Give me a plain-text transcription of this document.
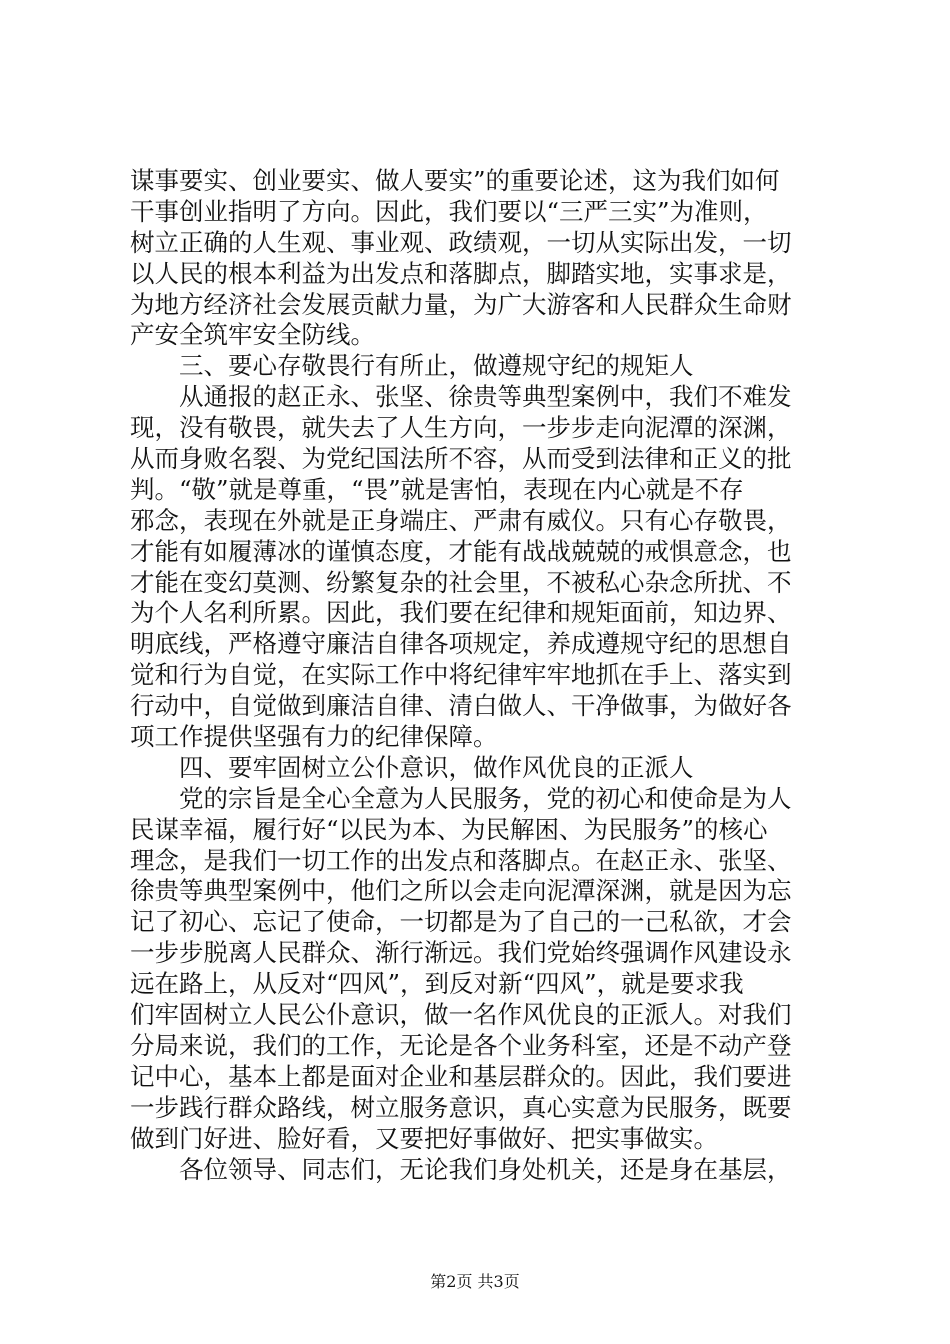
谋事要实、创业要实、做人要实”的重要论述，这为我们如何
干事创业指明了方向。因此，我们要以“三严三实”为准则，
树立正确的人生观、事业观、政绩观，一切从实际出发，一切
以人民的根本利益为出发点和落脚点，脚踏实地，实事求是，
为地方经济社会发展贡献力量，为广大游客和人民群众生命财
产安全筑牢安全防线。
　　三、要心存敬畏行有所止，做遵规守纪的规矩人
　　从通报的赵正永、张坚、徐贵等典型案例中，我们不难发
现，没有敬畏，就失去了人生方向，一步步走向泥潭的深渊，
从而身败名裂、为党纪国法所不容，从而受到法律和正义的批
判。“敬”就是尊重，“畏”就是害怕，表现在内心就是不存
邪念，表现在外就是正身端庄、严肃有威仪。只有心存敬畏，
才能有如履薄冰的谨慎态度，才能有战战兢兢的戒惧意念，也
才能在变幻莫测、纷繁复杂的社会里，不被私心杂念所扰、不
为个人名利所累。因此，我们要在纪律和规矩面前，知边界、
明底线，严格遵守廉洁自律各项规定，养成遵规守纪的思想自
觉和行为自觉，在实际工作中将纪律牢牢地抓在手上、落实到
行动中，自觉做到廉洁自律、清白做人、干净做事，为做好各
项工作提供坚强有力的纪律保障。
　　四、要牢固树立公仆意识，做作风优良的正派人
　　党的宗旨是全心全意为人民服务，党的初心和使命是为人
民谋幸福，履行好“以民为本、为民解困、为民服务”的核心
理念，是我们一切工作的出发点和落脚点。在赵正永、张坚、
徐贵等典型案例中，他们之所以会走向泥潭深渊，就是因为忘
记了初心、忘记了使命，一切都是为了自己的一己私欲，才会
一步步脱离人民群众、渐行渐远。我们党始终强调作风建设永
远在路上，从反对“四风”，到反对新“四风”，就是要求我
们牢固树立人民公仆意识，做一名作风优良的正派人。对我们
分局来说，我们的工作，无论是各个业务科室，还是不动产登
记中心，基本上都是面对企业和基层群众的。因此，我们要进
一步践行群众路线，树立服务意识，真心实意为民服务，既要
做到门好进、脸好看，又要把好事做好、把实事做实。
　　各位领导、同志们，无论我们身处机关，还是身在基层，
第2页 共3页
